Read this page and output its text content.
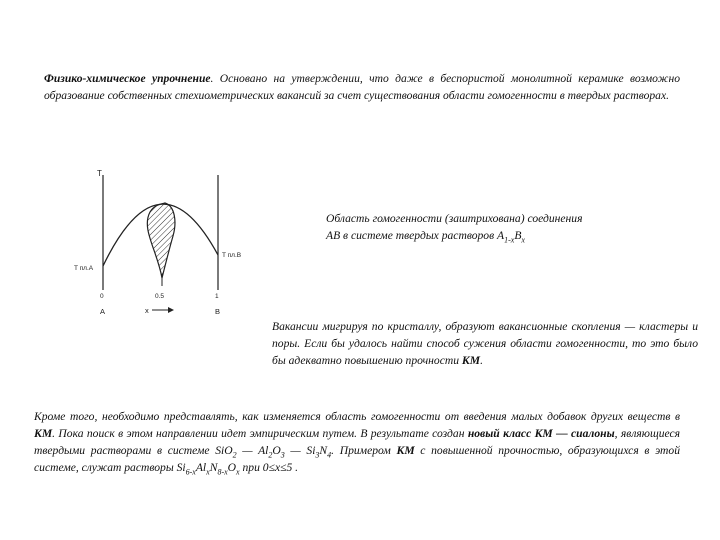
Физико-химическое упрочнение. Основано на утверждении, что даже в беспористой монолитной керамике возможно образование собственных стехиометрических вакансий за счет существования области гомогенности в твердых растворах.

T
T пл.А
T пл.В
0	0.5	1
A	x	B

Область гомогенности (заштрихована) соединения
АВ в системе твердых растворов $А_{1-x}В_x$

Вакансии мигрируя по кристаллу, образуют вакансионные скопления — кластеры и поры. Если бы удалось найти способ сужения области гомогенности, то это было бы адекватно повышению прочности КМ.

Кроме того, необходимо представлять, как изменяется область гомогенности от введения малых добавок других веществ в КМ. Пока поиск в этом направлении идет эмпирическим путем. В результате создан новый класс КМ — сиалоны, являющиеся твердыми растворами в системе SiO$_2$ — $Al_2O_3$ — $Si_3N_4$. Примером КМ с повышенной прочностью, образующихся в этой системе, служат растворы $Si_{6-x}Al_xN_{8-x}O_x$ при 0≤x≤5 .
